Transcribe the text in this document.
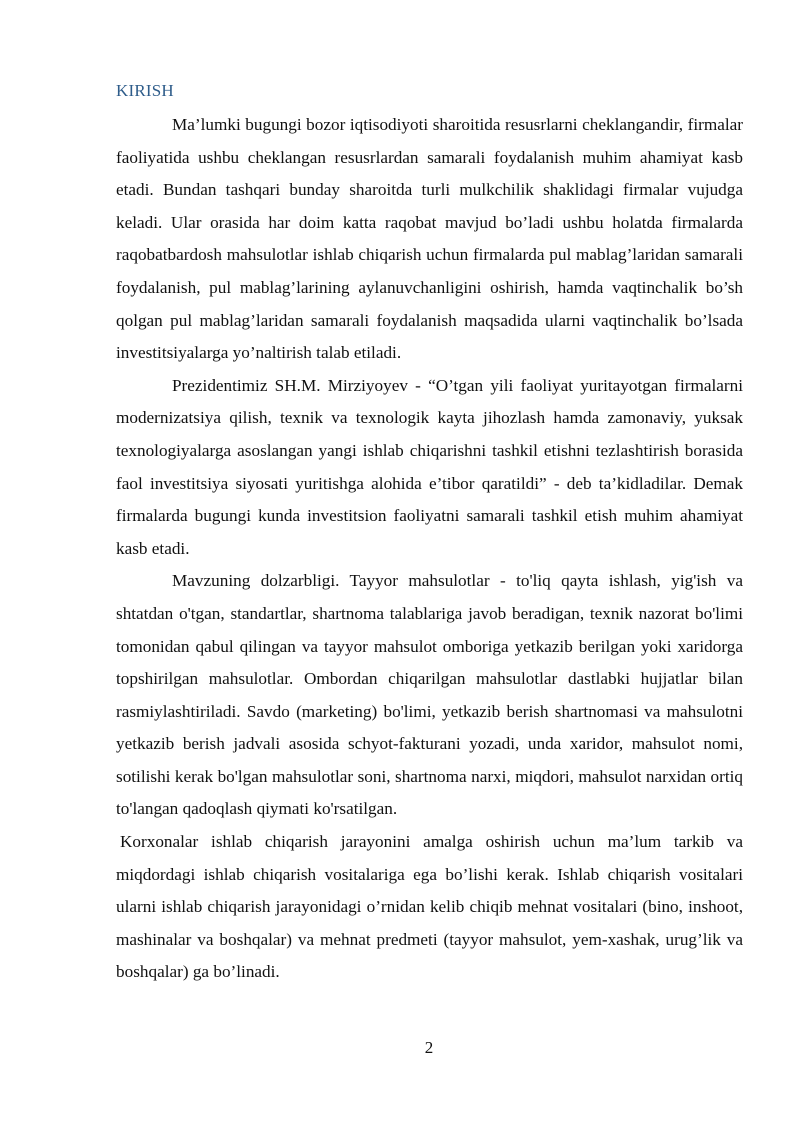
KIRISH

Ma’lumki bugungi bozor iqtisodiyoti sharoitida resusrlarni cheklangandir, firmalar faoliyatida ushbu cheklangan resusrlardan samarali foydalanish muhim ahamiyat kasb etadi. Bundan tashqari bunday sharoitda turli mulkchilik shaklidagi firmalar vujudga keladi. Ular orasida har doim katta raqobat mavjud bo’ladi ushbu holatda firmalarda raqobatbardosh mahsulotlar ishlab chiqarish uchun firmalarda pul mablag’laridan samarali foydalanish, pul mablag’larining aylanuvchanligini oshirish, hamda vaqtinchalik bo’sh qolgan pul mablag’laridan samarali foydalanish maqsadida ularni vaqtinchalik bo’lsada investitsiyalarga yo’naltirish talab etiladi.

Prezidentimiz SH.M. Mirziyoyev - “O’tgan yili faoliyat yuritayotgan firmalarni modernizatsiya qilish, texnik va texnologik kayta jihozlash hamda zamonaviy, yuksak texnologiyalarga asoslangan yangi ishlab chiqarishni tashkil etishni tezlashtirish borasida faol investitsiya siyosati yuritishga alohida e’tibor qaratildi” - deb ta’kidladilar. Demak firmalarda bugungi kunda investitsion faoliyatni samarali tashkil etish muhim ahamiyat kasb etadi.

Mavzuning dolzarbligi. Tayyor mahsulotlar - to'liq qayta ishlash, yig'ish va shtatdan o'tgan, standartlar, shartnoma talablariga javob beradigan, texnik nazorat bo'limi tomonidan qabul qilingan va tayyor mahsulot omboriga yetkazib berilgan yoki xaridorga topshirilgan mahsulotlar. Ombordan chiqarilgan mahsulotlar dastlabki hujjatlar bilan rasmiylashtiriladi. Savdo (marketing) bo'limi, yetkazib berish shartnomasi va mahsulotni yetkazib berish jadvali asosida schyot-fakturani yozadi, unda xaridor, mahsulot nomi, sotilishi kerak bo'lgan mahsulotlar soni, shartnoma narxi, miqdori, mahsulot narxidan ortiq to'langan qadoqlash qiymati ko'rsatilgan.

Korxonalar ishlab chiqarish jarayonini amalga oshirish uchun ma’lum tarkib va miqdordagi ishlab chiqarish vositalariga ega bo’lishi kerak. Ishlab chiqarish vositalari ularni ishlab chiqarish jarayonidagi o’rnidan kelib chiqib mehnat vositalari (bino, inshoot, mashinalar va boshqalar) va mehnat predmeti (tayyor mahsulot, yem-xashak, urug’lik va boshqalar) ga bo’linadi.

2
